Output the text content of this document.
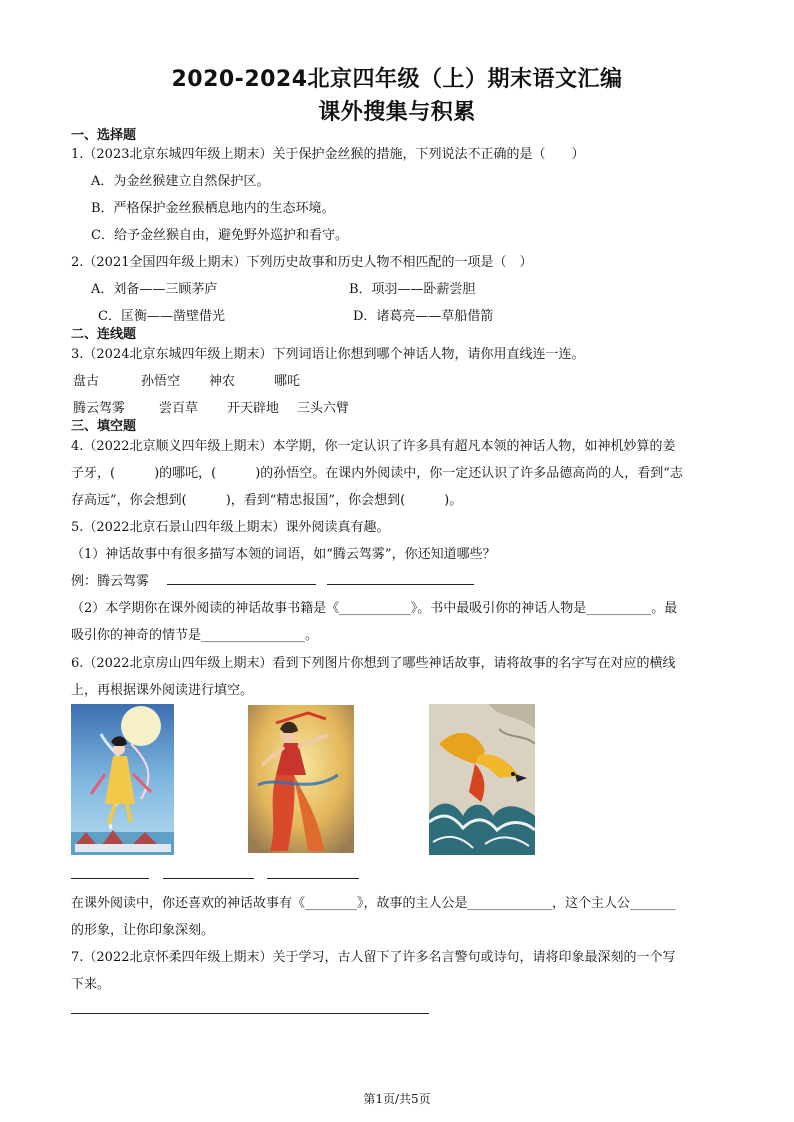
2020-2024北京四年级（上）期末语文汇编
课外搜集与积累
一、选择题
1.（2023北京东城四年级上期末）关于保护金丝猴的措施，下列说法不正确的是（　　）
A．为金丝猴建立自然保护区。
B．严格保护金丝猴栖息地内的生态环境。
C．给予金丝猴自由，避免野外巡护和看守。
2.（2021全国四年级上期末）下列历史故事和历史人物不相匹配的一项是（　）
A．刘备——三顾茅庐	B．项羽——卧薪尝胆
C．匡衡——凿壁借光	D．诸葛亮——草船借箭
二、连线题
3.（2024北京东城四年级上期末）下列词语让你想到哪个神话人物，请你用直线连一连。
盘古	孙悟空 神农	哪吒
腾云驾雾	尝百草 开天辟地 三头六臂
三、填空题
4.（2022北京顺义四年级上期末）本学期，你一定认识了许多具有超凡本领的神话人物，如神机妙算的姜
子牙，(　　　)的哪吒，(　　　)的孙悟空。在课内外阅读中，你一定还认识了许多品德高尚的人，看到“志
存高远”，你会想到(　　　)，看到“精忠报国”，你会想到(　　　)。
5.（2022北京石景山四年级上期末）课外阅读真有趣。
（1）神话故事中有很多描写本领的词语，如“腾云驾雾”，你还知道哪些？
例：腾云驾雾
（2）本学期你在课外阅读的神话故事书籍是《___________》。书中最吸引你的神话人物是__________。最
吸引你的神奇的情节是________________。
6.（2022北京房山四年级上期末）看到下列图片你想到了哪些神话故事，请将故事的名字写在对应的横线
上，再根据课外阅读进行填空。
在课外阅读中，你还喜欢的神话故事有《________》，故事的主人公是_____________，这个主人公_______
的形象，让你印象深刻。
7.（2022北京怀柔四年级上期末）关于学习，古人留下了许多名言警句或诗句，请将印象最深刻的一个写
下来。
第1页/共5页
